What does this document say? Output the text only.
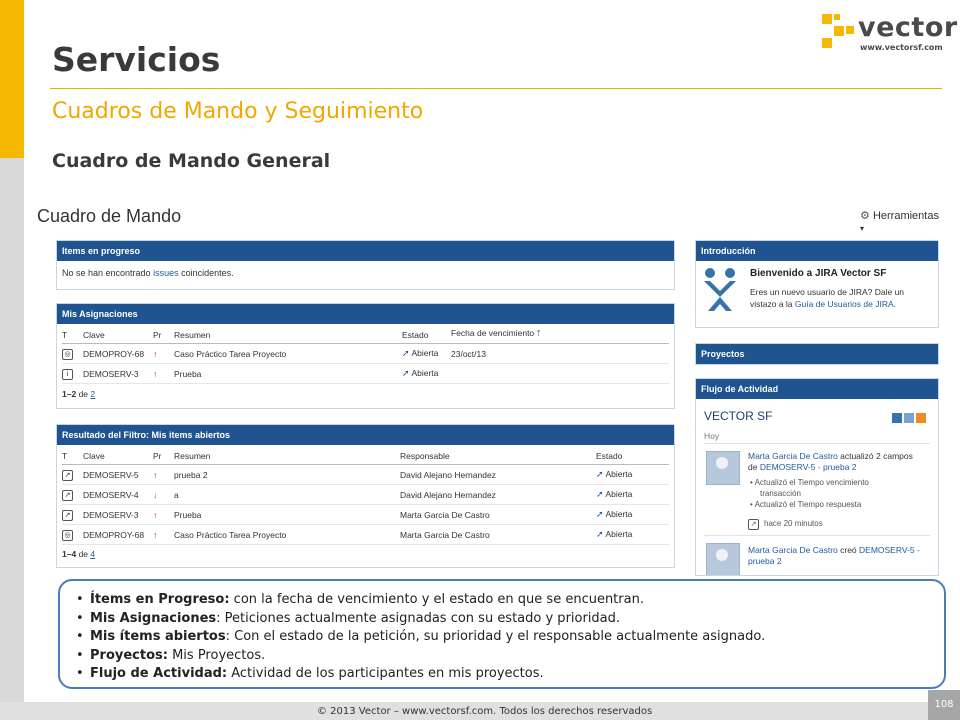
Servicios
Cuadros de Mando y Seguimiento
Cuadro de Mando General
vector
www.vectorsf.com
Cuadro de Mando	⚙ Herramientas ▾
Items en progreso
No se han encontrado issues coincidentes.
Mis Asignaciones
T	Clave	Pr	Resumen	Estado	Fecha de vencimiento 🡑
◎	DEMOPROY-68	↑	Caso Práctico Tarea Proyecto	➚ Abierta	23/oct/13
i	DEMOSERV-3	↑	Prueba	➚ Abierta	
1–2 de 2
Resultado del Filtro: Mis items abiertos
T	Clave	Pr	Resumen	Responsable	Estado
↗	DEMOSERV-5	↑	prueba 2	David Alejano Hernandez	➚ Abierta
↗	DEMOSERV-4	↓	a	David Alejano Hernandez	➚ Abierta
↗	DEMOSERV-3	↑	Prueba	Marta Garcia De Castro	➚ Abierta
◎	DEMOPROY-68	↑	Caso Práctico Tarea Proyecto	Marta Garcia De Castro	➚ Abierta
1–4 de 4
Introducción
Bienvenido a JIRA Vector SF
Eres un nuevo usuario de JIRA? Dale un
vistazo a la Guía de Usuarios de JIRA.
Proyectos
Flujo de Actividad
VECTOR SF
Hoy
Marta Garcia De Castro actualizó 2 campos
de DEMOSERV-5 - prueba 2
• Actualizó el Tiempo vencimiento
transacción
• Actualizó el Tiempo respuesta
↗ hace 20 minutos
Marta Garcia De Castro creó DEMOSERV-5 -
prueba 2
• Ítems en Progreso: con la fecha de vencimiento y el estado en que se encuentran.
• Mis Asignaciones: Peticiones actualmente asignadas con su estado y prioridad.
• Mis ítems abiertos: Con el estado de la petición, su prioridad y el responsable actualmente asignado.
• Proyectos: Mis Proyectos.
• Flujo de Actividad: Actividad de los participantes en mis proyectos.
© 2013 Vector – www.vectorsf.com. Todos los derechos reservados
108
